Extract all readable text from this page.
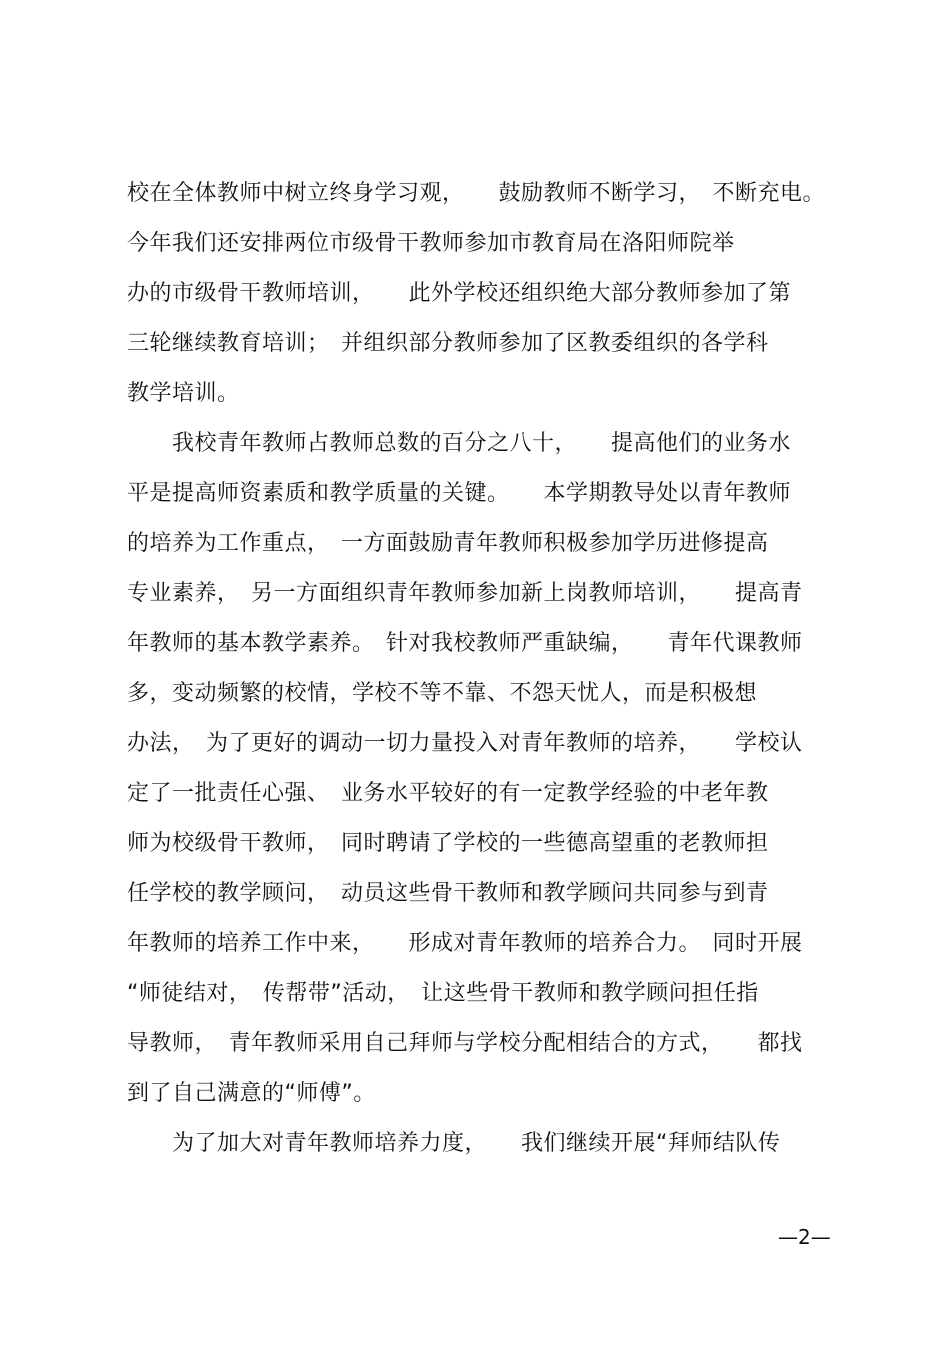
校在全体教师中树立终身学习观，　　鼓励教师不断学习，　不断充电。
今年我们还安排两位市级骨干教师参加市教育局在洛阳师院举
办的市级骨干教师培训，　　此外学校还组织绝大部分教师参加了第
三轮继续教育培训；　并组织部分教师参加了区教委组织的各学科
教学培训。
　　我校青年教师占教师总数的百分之八十，　　提高他们的业务水
平是提高师资素质和教学质量的关键。　　本学期教导处以青年教师
的培养为工作重点，　一方面鼓励青年教师积极参加学历进修提高
专业素养，　另一方面组织青年教师参加新上岗教师培训，　　提高青
年教师的基本教学素养。　针对我校教师严重缺编，　　青年代课教师
多，变动频繁的校情，学校不等不靠、不怨天忧人，而是积极想
办法，　为了更好的调动一切力量投入对青年教师的培养，　　学校认
定了一批责任心强、　业务水平较好的有一定教学经验的中老年教
师为校级骨干教师，　同时聘请了学校的一些德高望重的老教师担
任学校的教学顾问，　动员这些骨干教师和教学顾问共同参与到青
年教师的培养工作中来，　　形成对青年教师的培养合力。　同时开展
“师徒结对，　传帮带”活动，　让这些骨干教师和教学顾问担任指
导教师，　青年教师采用自己拜师与学校分配相结合的方式，　　都找
到了自己满意的“师傅”。
　　为了加大对青年教师培养力度，　　我们继续开展“拜师结队传
—2—
